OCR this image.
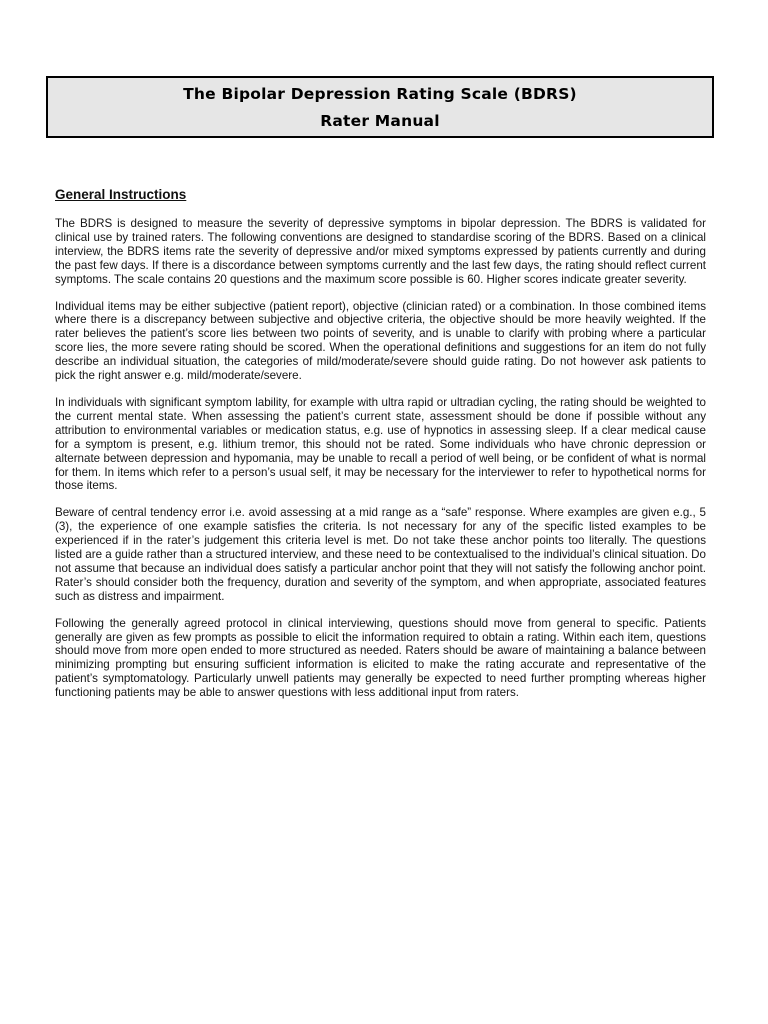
The Bipolar Depression Rating Scale (BDRS)
Rater Manual
General Instructions

The BDRS is designed to measure the severity of depressive symptoms in bipolar depression. The BDRS is validated for clinical use by trained raters. The following conventions are designed to standardise scoring of the BDRS. Based on a clinical interview, the BDRS items rate the severity of depressive and/or mixed symptoms expressed by patients currently and during the past few days. If there is a discordance between symptoms currently and the last few days, the rating should reflect current symptoms. The scale contains 20 questions and the maximum score possible is 60. Higher scores indicate greater severity.

Individual items may be either subjective (patient report), objective (clinician rated) or a combination. In those combined items where there is a discrepancy between subjective and objective criteria, the objective should be more heavily weighted. If the rater believes the patient’s score lies between two points of severity, and is unable to clarify with probing where a particular score lies, the more severe rating should be scored. When the operational definitions and suggestions for an item do not fully describe an individual situation, the categories of mild/moderate/severe should guide rating. Do not however ask patients to pick the right answer e.g. mild/moderate/severe.

In individuals with significant symptom lability, for example with ultra rapid or ultradian cycling, the rating should be weighted to the current mental state. When assessing the patient’s current state, assessment should be done if possible without any attribution to environmental variables or medication status, e.g. use of hypnotics in assessing sleep. If a clear medical cause for a symptom is present, e.g. lithium tremor, this should not be rated. Some individuals who have chronic depression or alternate between depression and hypomania, may be unable to recall a period of well being, or be confident of what is normal for them. In items which refer to a person’s usual self, it may be necessary for the interviewer to refer to hypothetical norms for those items.

Beware of central tendency error i.e. avoid assessing at a mid range as a “safe” response. Where examples are given e.g., 5 (3), the experience of one example satisfies the criteria. Is not necessary for any of the specific listed examples to be experienced if in the rater’s judgement this criteria level is met. Do not take these anchor points too literally. The questions listed are a guide rather than a structured interview, and these need to be contextualised to the individual’s clinical situation. Do not assume that because an individual does satisfy a particular anchor point that they will not satisfy the following anchor point. Rater’s should consider both the frequency, duration and severity of the symptom, and when appropriate, associated features such as distress and impairment.

Following the generally agreed protocol in clinical interviewing, questions should move from general to specific. Patients generally are given as few prompts as possible to elicit the information required to obtain a rating. Within each item, questions should move from more open ended to more structured as needed. Raters should be aware of maintaining a balance between minimizing prompting but ensuring sufficient information is elicited to make the rating accurate and representative of the patient’s symptomatology. Particularly unwell patients may generally be expected to need further prompting whereas higher functioning patients may be able to answer questions with less additional input from raters.
